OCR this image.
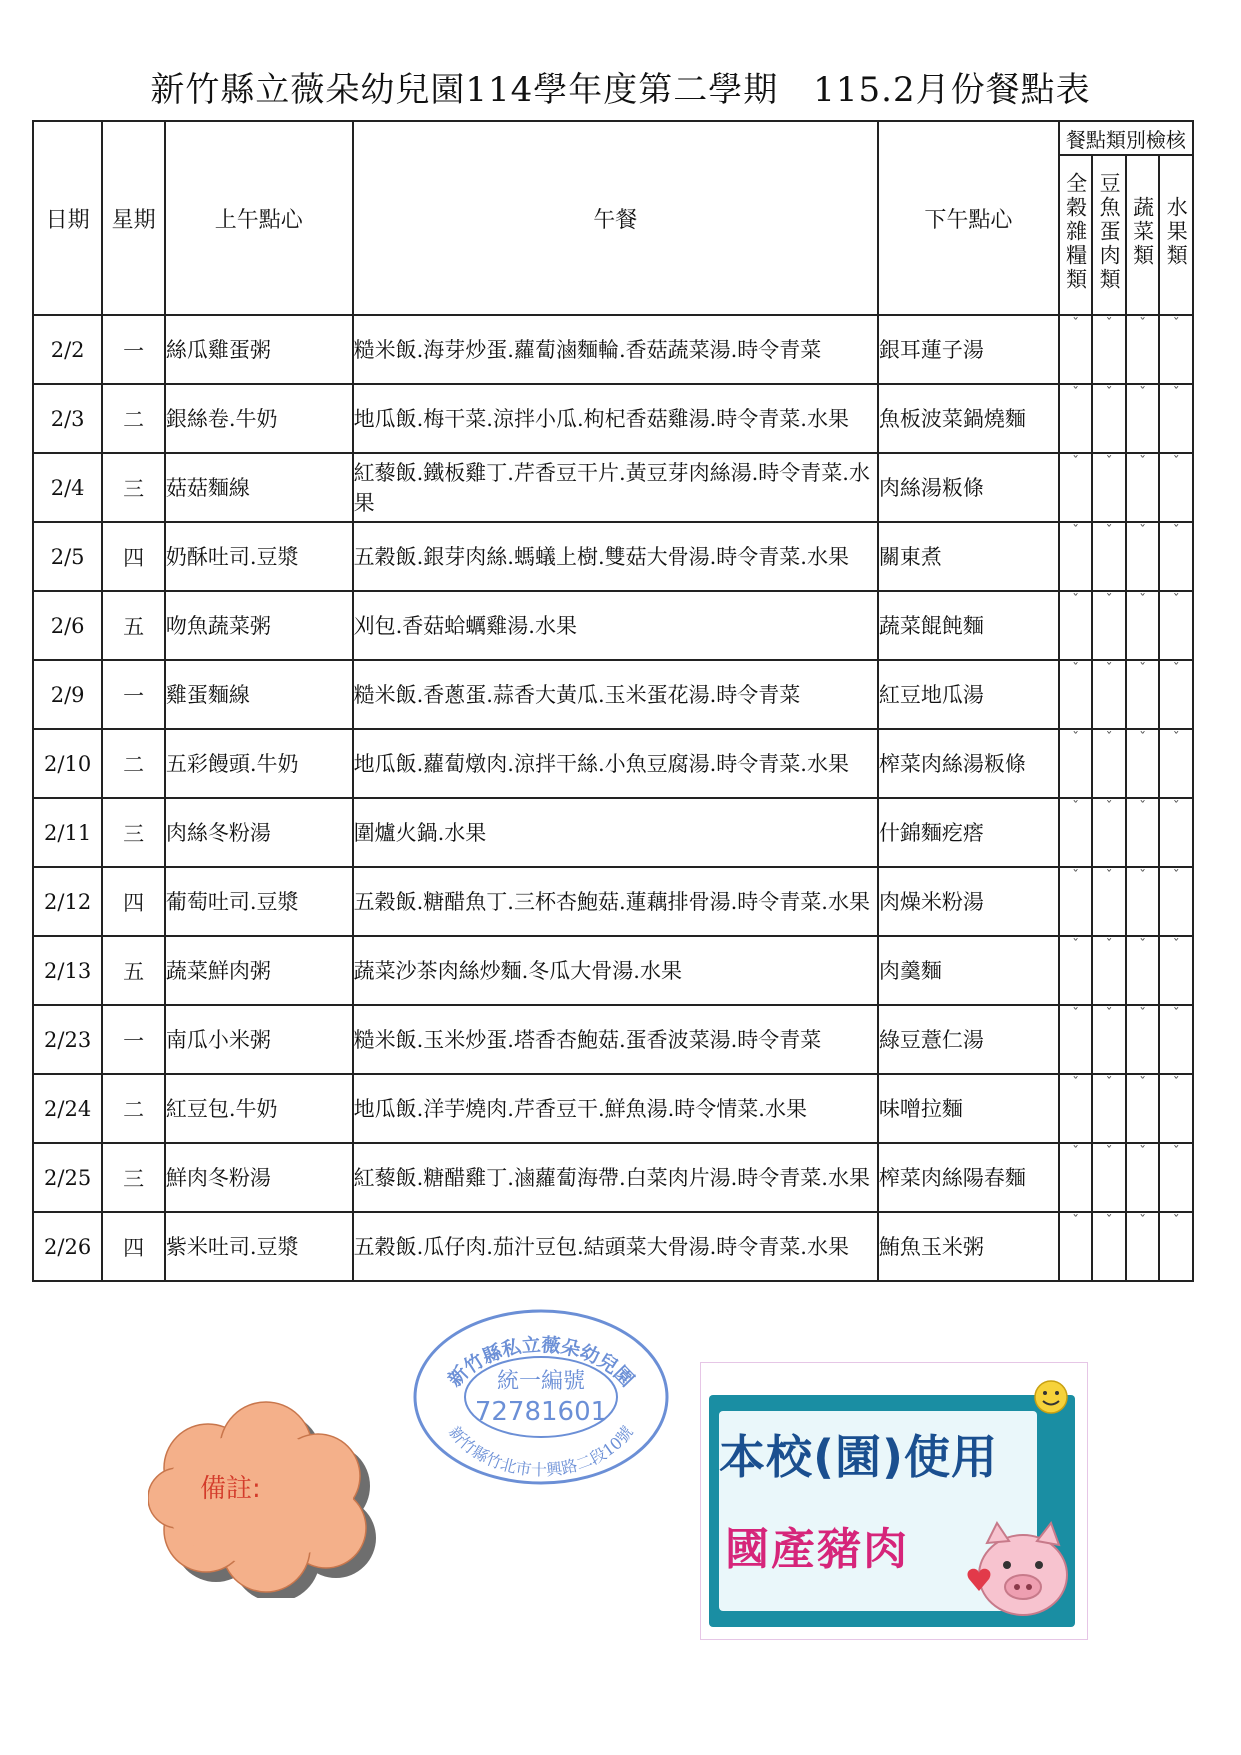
新竹縣立薇朵幼兒園114學年度第二學期　115.2月份餐點表
日期	星期	上午點心	午餐	下午點心	餐點類別檢核			
					全穀雜糧類	豆魚蛋肉類	蔬菜類	水果類
2/2	一	絲瓜雞蛋粥	糙米飯.海芽炒蛋.蘿蔔滷麵輪.香菇蔬菜湯.時令青菜	銀耳蓮子湯	ˇ	ˇ	ˇ	ˇ
2/3	二	銀絲卷.牛奶	地瓜飯.梅干菜.涼拌小瓜.枸杞香菇雞湯.時令青菜.水果	魚板波菜鍋燒麵	ˇ	ˇ	ˇ	ˇ
2/4	三	菇菇麵線	紅藜飯.鐵板雞丁.芹香豆干片.黃豆芽肉絲湯.時令青菜.水果	肉絲湯粄條	ˇ	ˇ	ˇ	ˇ
2/5	四	奶酥吐司.豆漿	五穀飯.銀芽肉絲.螞蟻上樹.雙菇大骨湯.時令青菜.水果	關東煮	ˇ	ˇ	ˇ	ˇ
2/6	五	吻魚蔬菜粥	刈包.香菇蛤蠣雞湯.水果	蔬菜餛飩麵	ˇ	ˇ	ˇ	ˇ
2/9	一	雞蛋麵線	糙米飯.香蔥蛋.蒜香大黃瓜.玉米蛋花湯.時令青菜	紅豆地瓜湯	ˇ	ˇ	ˇ	ˇ
2/10	二	五彩饅頭.牛奶	地瓜飯.蘿蔔燉肉.涼拌干絲.小魚豆腐湯.時令青菜.水果	榨菜肉絲湯粄條	ˇ	ˇ	ˇ	ˇ
2/11	三	肉絲冬粉湯	圍爐火鍋.水果	什錦麵疙瘩	ˇ	ˇ	ˇ	ˇ
2/12	四	葡萄吐司.豆漿	五穀飯.糖醋魚丁.三杯杏鮑菇.蓮藕排骨湯.時令青菜.水果	肉燥米粉湯	ˇ	ˇ	ˇ	ˇ
2/13	五	蔬菜鮮肉粥	蔬菜沙茶肉絲炒麵.冬瓜大骨湯.水果	肉羹麵	ˇ	ˇ	ˇ	ˇ
2/23	一	南瓜小米粥	糙米飯.玉米炒蛋.塔香杏鮑菇.蛋香波菜湯.時令青菜	綠豆薏仁湯	ˇ	ˇ	ˇ	ˇ
2/24	二	紅豆包.牛奶	地瓜飯.洋芋燒肉.芹香豆干.鮮魚湯.時令情菜.水果	味噌拉麵	ˇ	ˇ	ˇ	ˇ
2/25	三	鮮肉冬粉湯	紅藜飯.糖醋雞丁.滷蘿蔔海帶.白菜肉片湯.時令青菜.水果	榨菜肉絲陽春麵	ˇ	ˇ	ˇ	ˇ
2/26	四	紫米吐司.豆漿	五穀飯.瓜仔肉.茄汁豆包.結頭菜大骨湯.時令青菜.水果	鮪魚玉米粥	ˇ	ˇ	ˇ	ˇ
新竹縣私立薇朵幼兒園
新竹縣竹北市十興路二段10號
統一編號
72781601
備註:
本校(園)使用
國產豬肉
